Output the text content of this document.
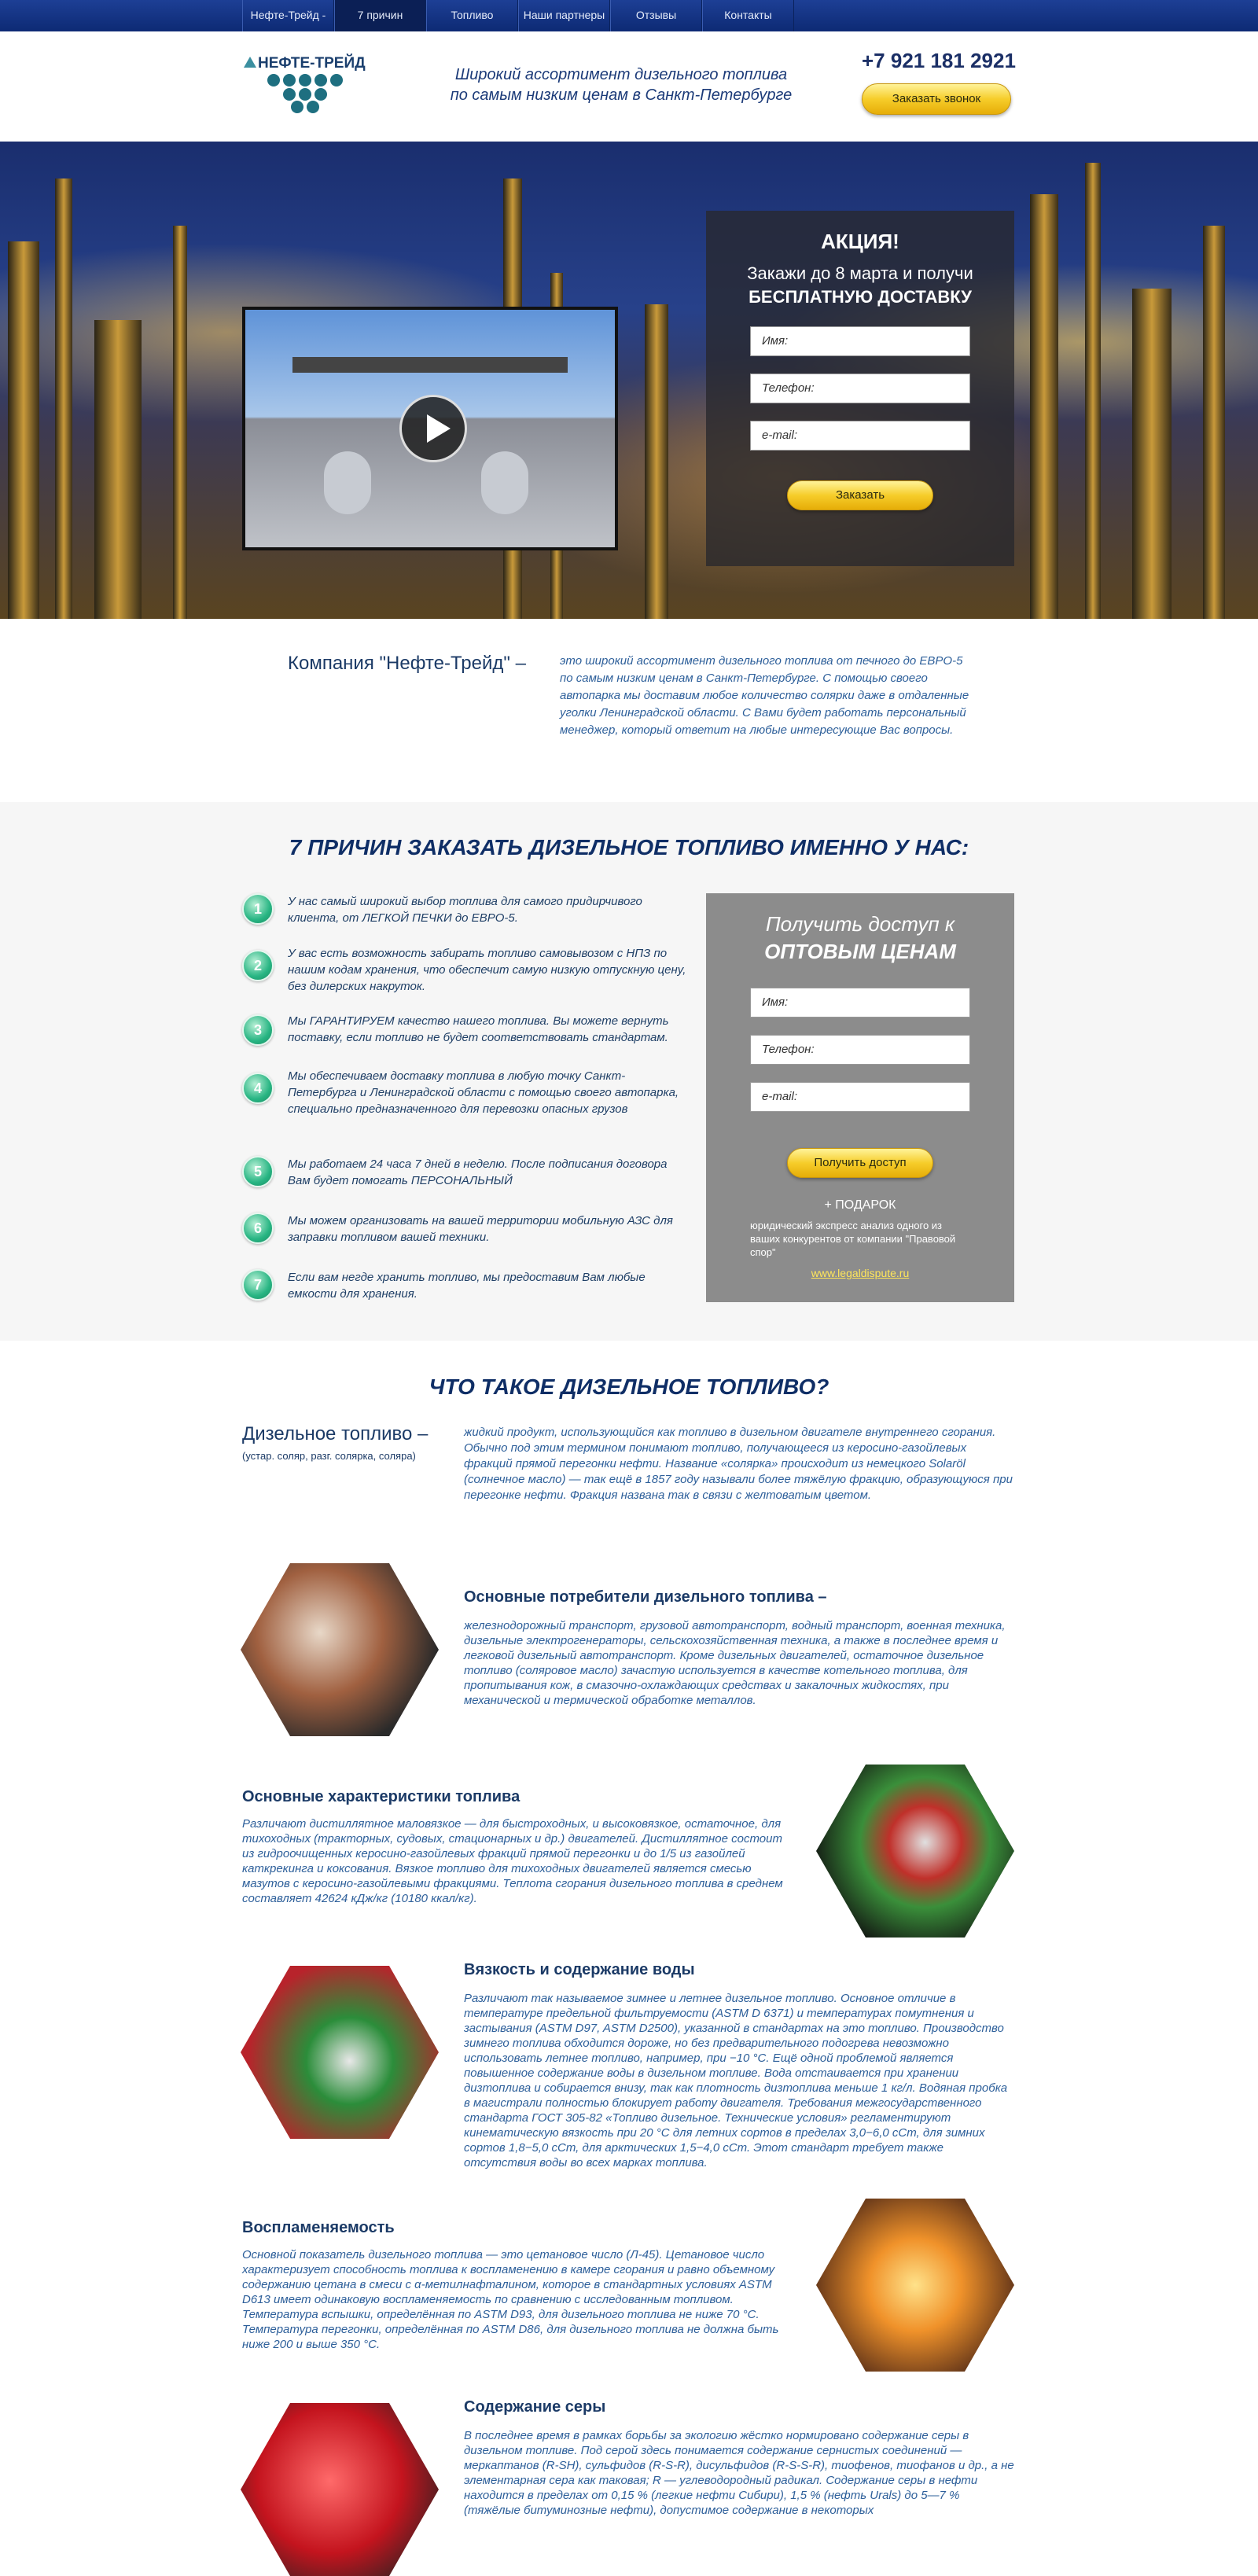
Нефте-Трейд -	7 причин	Топливо	Наши партнеры	Отзывы	Контакты
НЕФТЕ-ТРЕЙД
Широкий ассортимент дизельного топлива
по самым низким ценам в Санкт-Петербурге
+7 921 181 2921
Заказать звонок
АКЦИЯ!
Закажи до 8 марта и получи
БЕСПЛАТНУЮ ДОСТАВКУ
Имя:
Телефон:
e-mail:
Заказать
Компания "Нефте-Трейд" –	это широкий ассортимент дизельного топлива от печного до ЕВРО-5 по самым низким ценам в Санкт-Петербурге. С помощью своего автопарка мы доставим любое количество солярки даже в отдаленные уголки Ленинградской области. С Вами будет работать персональный менеджер, который ответит на любые интересующие Вас вопросы.
7 ПРИЧИН ЗАКАЗАТЬ ДИЗЕЛЬНОЕ ТОПЛИВО ИМЕННО У НАС:
1	У нас самый широкий выбор топлива для самого придирчивого клиента, от ЛЕГКОЙ ПЕЧКИ до ЕВРО-5.
2
У вас есть возможность забирать топливо самовывозом с НПЗ по нашим кодам хранения, что обеспечит самую низкую отпускную цену, без дилерских накруток.
3
Мы ГАРАНТИРУЕМ качество нашего топлива. Вы можете вернуть поставку, если топливо не будет соответствовать стандартам.
4
Мы обеспечиваем доставку топлива в любую точку Санкт-Петербурга и Ленинградской области с помощью своего автопарка, специально предназначенного для перевозки опасных грузов
5	Мы работаем 24 часа 7 дней в неделю. После подписания договора Вам будет помогать ПЕРСОНАЛЬНЫЙ
6	Мы можем организовать на вашей территории мобильную АЗС для заправки топливом вашей техники.
7	Если вам негде хранить топливо, мы предоставим Вам любые емкости для хранения.
Получить доступ к
ОПТОВЫМ ЦЕНАМ
Имя:
Телефон:
e-mail:
Получить доступ
+ ПОДАРОК
юридический экспресс анализ одного из ваших конкурентов от компании "Правовой спор"
www.legaldispute.ru
ЧТО ТАКОЕ ДИЗЕЛЬНОЕ ТОПЛИВО?
Дизельное топливо –
(устар. соляр, разг. солярка, соляра)
жидкий продукт, использующийся как топливо в дизельном двигателе внутреннего сгорания. Обычно под этим термином понимают топливо, получающееся из керосино-газойлевых фракций прямой перегонки нефти. Название «солярка» происходит из немецкого Solaröl (солнечное масло) — так ещё в 1857 году называли более тяжёлую фракцию, образующуюся при перегонке нефти. Фракция названа так в связи с желтоватым цветом.
Основные потребители дизельного топлива –
железнодорожный транспорт, грузовой автотранспорт, водный транспорт, военная техника, дизельные электрогенераторы, сельскохозяйственная техника, а также в последнее время и легковой дизельный автотранспорт. Кроме дизельных двигателей, остаточное дизельное топливо (соляровое масло) зачастую используется в качестве котельного топлива, для пропитывания кож, в смазочно-охлаждающих средствах и закалочных жидкостях, при механической и термической обработке металлов.
Основные характеристики топлива
Различают дистиллятное маловязкое — для быстроходных, и высоковязкое, остаточное, для тихоходных (тракторных, судовых, стационарных и др.) двигателей. Дистиллятное состоит из гидроочищенных керосино-газойлевых фракций прямой перегонки и до 1/5 из газойлей каткрекинга и коксования. Вязкое топливо для тихоходных двигателей является смесью мазутов с керосино-газойлевыми фракциями. Теплота сгорания дизельного топлива в среднем составляет 42624 кДж/кг (10180 ккал/кг).
Вязкость и содержание воды
Различают так называемое зимнее и летнее дизельное топливо. Основное отличие в температуре предельной фильтруемости (ASTM D 6371) и температурах помутнения и застывания (ASTM D97, ASTM D2500), указанной в стандартах на это топливо. Производство зимнего топлива обходится дороже, но без предварительного подогрева невозможно использовать летнее топливо, например, при −10 °C. Ещё одной проблемой является повышенное содержание воды в дизельном топливе. Вода отстаивается при хранении дизтоплива и собирается внизу, так как плотность дизтоплива меньше 1 кг/л. Водяная пробка в магистрали полностью блокирует работу двигателя. Требования межгосударственного стандарта ГОСТ 305-82 «Топливо дизельное. Технические условия» регламентируют кинематическую вязкость при 20 °С для летних сортов в пределах 3,0−6,0 сСт, для зимних сортов 1,8−5,0 сСт, для арктических 1,5−4,0 сСт. Этот стандарт требует также отсутствия воды во всех марках топлива.
Воспламеняемость
Основной показатель дизельного топлива — это цетановое число (Л-45). Цетановое число характеризует способность топлива к воспламенению в камере сгорания и равно объемному содержанию цетана в смеси с α-метилнафталином, которое в стандартных условиях ASTM D613 имеет одинаковую воспламеняемость по сравнению с исследованным топливом. Температура вспышки, определённая по ASTM D93, для дизельного топлива не ниже 70 °С. Температура перегонки, определённая по ASTM D86, для дизельного топлива не должна быть ниже 200 и выше 350 °С.
Содержание серы
В последнее время в рамках борьбы за экологию жёстко нормировано содержание серы в дизельном топливе. Под серой здесь понимается содержание сернистых соединений — меркаптанов (R-SH), сульфидов (R-S-R), дисульфидов (R-S-S-R), тиофенов, тиофанов и др., а не элементарная сера как таковая; R — углеводородный радикал. Содержание серы в нефти находится в пределах от 0,15 % (легкие нефти Сибири), 1,5 % (нефть Urals) до 5—7 % (тяжёлые битуминозные нефти), допустимое содержание в некоторых
